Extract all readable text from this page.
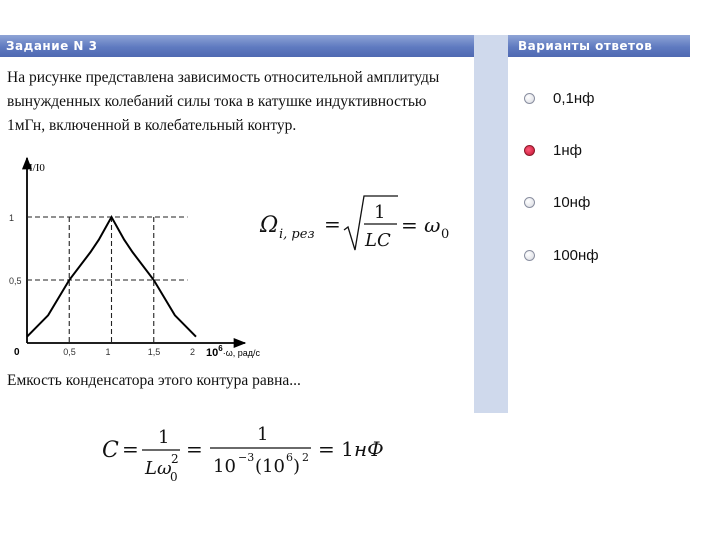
Задание N 3	Варианты ответов
На рисунке представлена зависимость относительной амплитуды вынужденных колебаний силы тока в катушке индуктивностью 1мГн, включенной в колебательный контур.
0,1нф
1нф
10нф
100нф
0,5
1
0,5	1	1,5	2
I/I0
0	$10^6_{\cdot\omega, рад/с}$
Ω i, рез = 1
LC
= ω 0
C = 1
Lω 2
0
=
1
10 −3 (10 6 ) 2 = 1 нФ
Емкость конденсатора этого контура равна...
